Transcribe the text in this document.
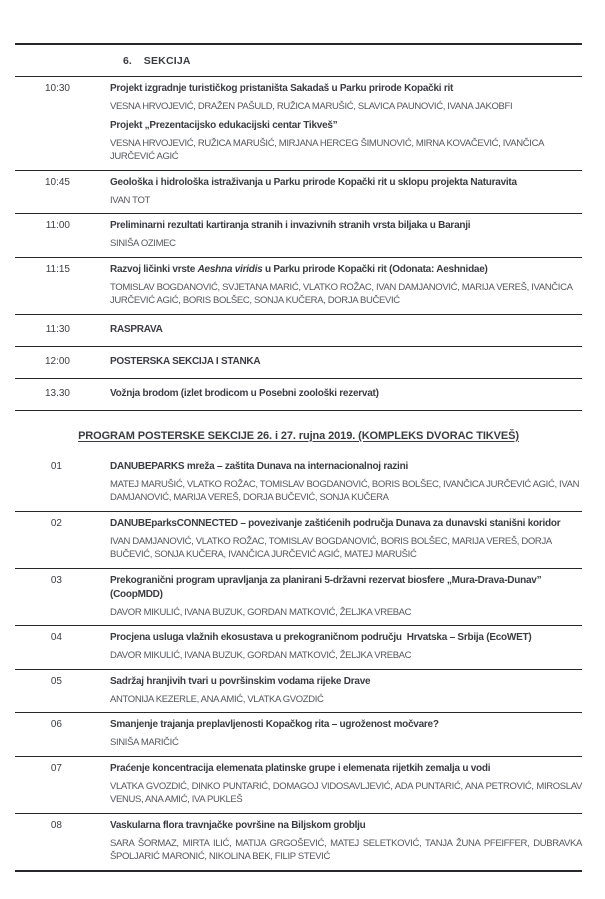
6. SEKCIJA
10:30	Projekt izgradnje turističkog pristaništa Sakadaš u Parku prirode Kopački rit
VESNA HRVOJEVIĆ, DRAŽEN PAŠULD, RUŽICA MARUŠIĆ, SLAVICA PAUNOVIĆ, IVANA JAKOBFI
Projekt „Prezentacijsko edukacijski centar Tikveš”
VESNA HRVOJEVIĆ, RUŽICA MARUŠIĆ, MIRJANA HERCEG ŠIMUNOVIĆ, MIRNA KOVAČEVIĆ, IVANČICA JURČEVIĆ AGIĆ
10:45	Geološka i hidrološka istraživanja u Parku prirode Kopački rit u sklopu projekta Naturavita
IVAN TOT
11:00	Preliminarni rezultati kartiranja stranih i invazivnih stranih vrsta biljaka u Baranji
SINIŠA OZIMEC
11:15	Razvoj ličinki vrste Aeshna viridis u Parku prirode Kopački rit (Odonata: Aeshnidae)
TOMISLAV BOGDANOVIĆ, SVJETANA MARIĆ, VLATKO ROŽAC, IVAN DAMJANOVIĆ, MARIJA VEREŠ, IVANČICA JURČEVIĆ AGIĆ, BORIS BOLŠEC, SONJA KUČERA, DORJA BUČEVIĆ
11:30	RASPRAVA
12:00	POSTERSKA SEKCIJA I STANKA
13.30	Vožnja brodom (izlet brodicom u Posebni zoološki rezervat)
PROGRAM POSTERSKE SEKCIJE 26. i 27. rujna 2019. (KOMPLEKS DVORAC TIKVEŠ)
01	DANUBEPARKS mreža – zaštita Dunava na internacionalnoj razini
MATEJ MARUŠIĆ, VLATKO ROŽAC, TOMISLAV BOGDANOVIĆ, BORIS BOLŠEC, IVANČICA JURČEVIĆ AGIĆ, IVAN DAMJANOVIĆ, MARIJA VEREŠ, DORJA BUČEVIĆ, SONJA KUČERA
02	DANUBEparksCONNECTED – povezivanje zaštićenih područja Dunava za dunavski stanišni koridor
IVAN DAMJANOVIĆ, VLATKO ROŽAC, TOMISLAV BOGDANOVIĆ, BORIS BOLŠEC, MARIJA VEREŠ, DORJA BUČEVIĆ, SONJA KUČERA, IVANČICA JURČEVIĆ AGIĆ, MATEJ MARUŠIĆ
03	Prekogranični program upravljanja za planirani 5-državni rezervat biosfere „Mura-Drava-Dunav” (CoopMDD)
DAVOR MIKULIĆ, IVANA BUZUK, GORDAN MATKOVIĆ, ŽELJKA VREBAC
04	Procjena usluga vlažnih ekosustava u prekograničnom području  Hrvatska – Srbija (EcoWET)
DAVOR MIKULIĆ, IVANA BUZUK, GORDAN MATKOVIĆ, ŽELJKA VREBAC
05	Sadržaj hranjivih tvari u površinskim vodama rijeke Drave
ANTONIJA KEZERLE, ANA AMIĆ, VLATKA GVOZDIĆ
06	Smanjenje trajanja preplavljenosti Kopačkog rita – ugroženost močvare?
SINIŠA MARIČIĆ
07	Praćenje koncentracija elemenata platinske grupe i elemenata rijetkih zemalja u vodi
VLATKA GVOZDIĆ, DINKO PUNTARIĆ, DOMAGOJ VIDOSAVLJEVIĆ, ADA PUNTARIĆ, ANA PETROVIĆ, MIROSLAV VENUS, ANA AMIĆ, IVA PUKLEŠ
08	Vaskularna flora travnjačke površine na Biljskom groblju
SARA ŠORMAZ, MIRTA ILIĆ, MATIJA GRGOŠEVIĆ, MATEJ SELETKOVIĆ, TANJA ŽUNA PFEIFFER, DUBRAVKA ŠPOLJARIĆ MARONIĆ, NIKOLINA BEK, FILIP STEVIĆ
